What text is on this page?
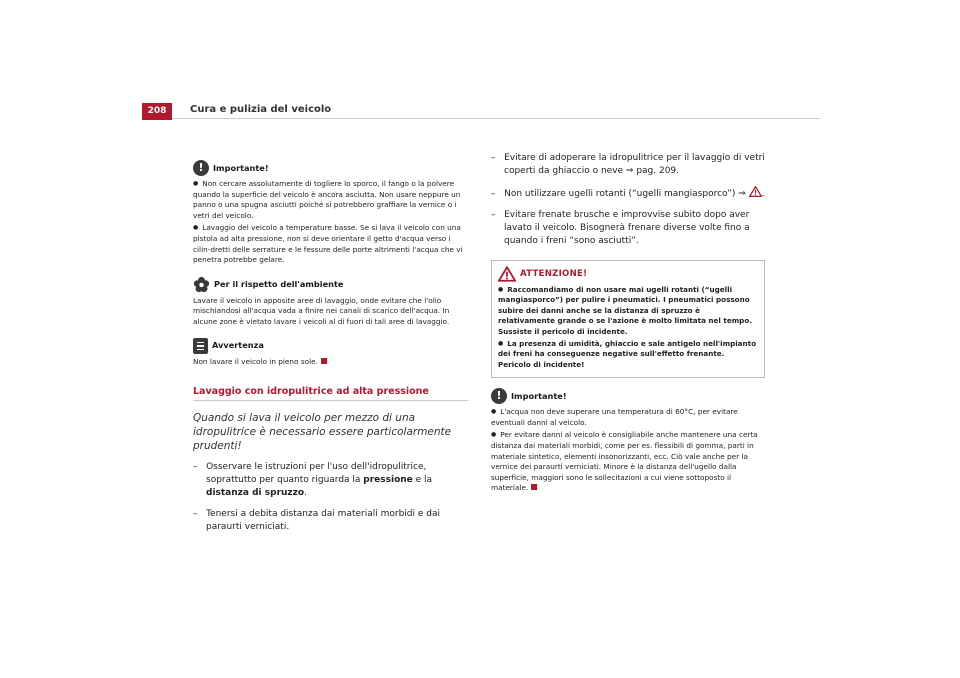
208	Cura e pulizia del veicolo
!	Importante!
● Non cercare assolutamente di togliere lo sporco, il fango o la polvere quando la superficie del veicolo è ancora asciutta. Non usare neppure un panno o una spugna asciutti poiché si potrebbero graffiare la vernice o i vetri del veicolo.
● Lavaggio del veicolo a temperature basse. Se si lava il veicolo con una pistola ad alta pressione, non si deve orientare il getto d'acqua verso i cilin-dretti delle serrature e le fessure delle porte altrimenti l'acqua che vi penetra potrebbe gelare.
Per il rispetto dell'ambiente

Lavare il veicolo in apposite aree di lavaggio, onde evitare che l'olio mischiandosi all'acqua vada a finire nei canali di scarico dell'acqua. In alcune zone è vietato lavare i veicoli al di fuori di tali aree di lavaggio.

Avvertenza

Non lavare il veicolo in pieno sole.

Lavaggio con idropulitrice ad alta pressione
Quando si lava il veicolo per mezzo di una idropulitrice è necessario essere particolarmente prudenti!
–   Osservare le istruzioni per l'uso dell'idropulitrice, soprattutto per quanto riguarda la pressione e la distanza di spruzzo.
–   Tenersi a debita distanza dai materiali morbidi e dai paraurti verniciati.
–   Evitare di adoperare la idropulitrice per il lavaggio di vetri coperti da ghiaccio o neve ⇒ pag. 209.
–   Non utilizzare ugelli rotanti (“ugelli mangiasporco”) ⇒ .
–   Evitare frenate brusche e improvvise subito dopo aver lavato il veicolo. Bisognerà frenare diverse volte fino a quando i freni “sono asciutti”.
ATTENZIONE!
● Raccomandiamo di non usare mai ugelli rotanti (“ugelli mangiasporco”) per pulire i pneumatici. I pneumatici possono subire dei danni anche se la distanza di spruzzo è relativamente grande o se l'azione è molto limitata nel tempo. Sussiste il pericolo di incidente.
● La presenza di umidità, ghiaccio e sale antigelo nell'impianto dei freni ha conseguenze negative sull'effetto frenante. Pericolo di incidente!
!	Importante!
● L'acqua non deve superare una temperatura di 60°C, per evitare eventuali danni al veicolo.
● Per evitare danni al veicolo è consigliabile anche mantenere una certa distanza dai materiali morbidi, come per es. flessibili di gomma, parti in materiale sintetico, elementi insonorizzanti, ecc. Ciò vale anche per la vernice dei paraurti verniciati. Minore è la distanza dell'ugello dalla superficie, maggiori sono le sollecitazioni a cui viene sottoposto il materiale.
